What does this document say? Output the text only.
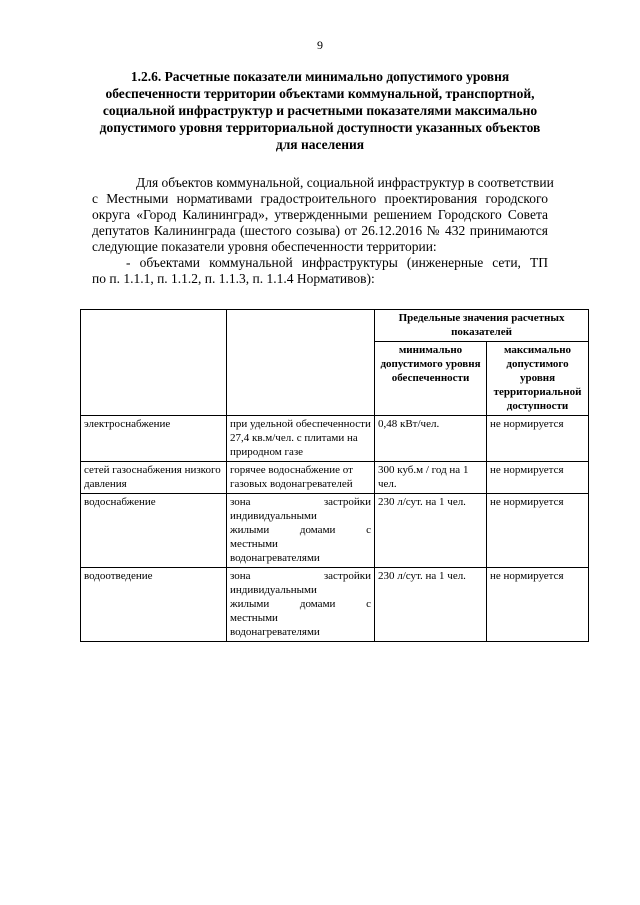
9
1.2.6. Расчетные показатели минимально допустимого уровня
обеспеченности территории объектами коммунальной, транспортной,
социальной инфраструктур и расчетными показателями максимально
допустимого уровня территориальной доступности указанных объектов
для населения
Для объектов коммунальной, социальной инфраструктур в соответствии
с Местными нормативами градостроительного проектирования городского
округа «Город Калининград», утвержденными решением Городского Совета
депутатов Калининграда (шестого созыва) от 26.12.2016 № 432 принимаются
следующие показатели уровня обеспеченности территории:
- объектами коммунальной инфраструктуры (инженерные сети, ТП
по п. 1.1.1, п. 1.1.2, п. 1.1.3, п. 1.1.4 Нормативов):
		Предельные значения расчетных показателей	
		минимально допустимого уровня обеспеченности	максимально допустимого уровня территориальной доступности
электроснабжение	при удельной обеспеченности 27,4 кв.м/чел. с плитами на природном газе	0,48 кВт/чел.	не нормируется
сетей газоснабжения низкого давления	горячее водоснабжение от газовых водонагревателей	300 куб.м / год на 1 чел.	не нормируется
водоснабжение	зона застройки
индивидуальными
жилыми домами с
местными
водонагревателями	230 л/сут. на 1 чел.	не нормируется
водоотведение	зона застройки
индивидуальными
жилыми домами с
местными
водонагревателями	230 л/сут. на 1 чел.	не нормируется
